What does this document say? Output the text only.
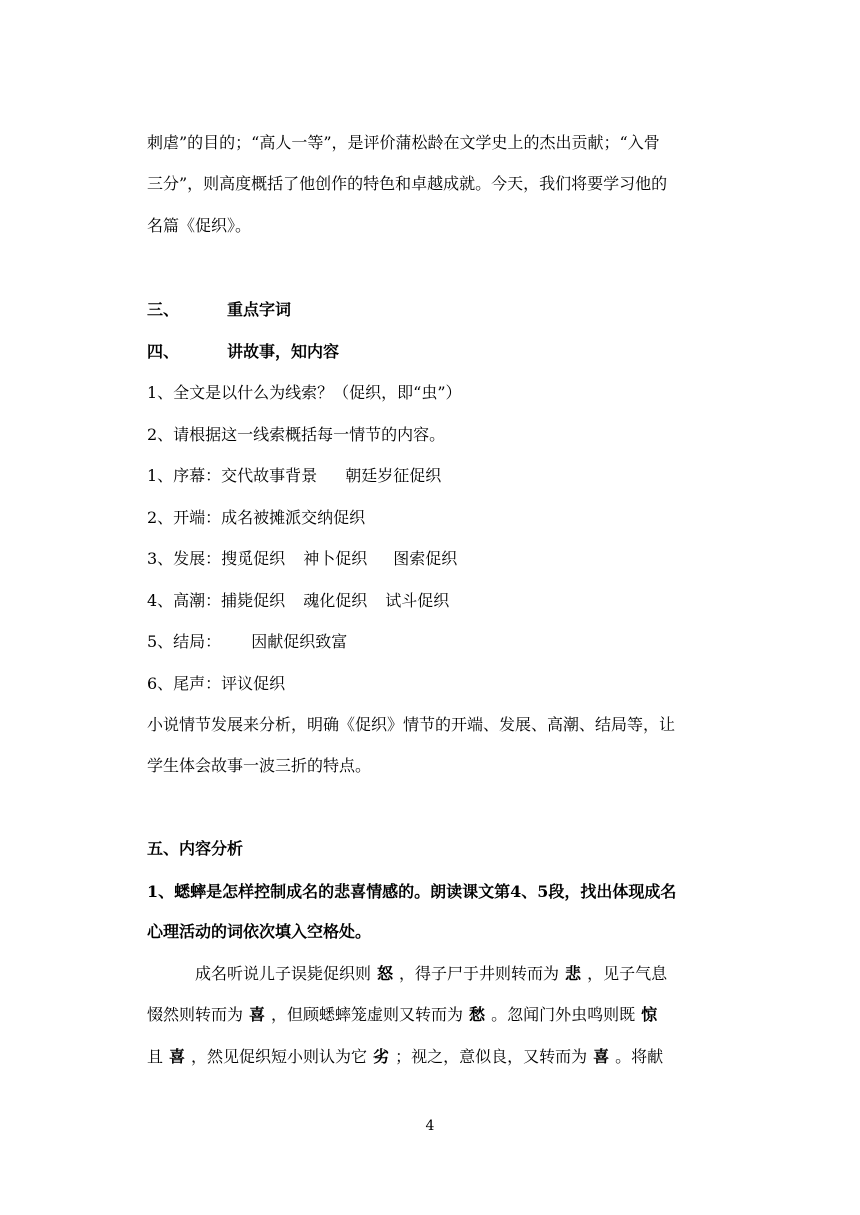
刺虐”的目的；“高人一等”，是评价蒲松龄在文学史上的杰出贡献；“入骨
三分”，则高度概括了他创作的特色和卓越成就。今天，我们将要学习他的
名篇《促织》。
三、	重点字词
四、	讲故事，知内容
1、全文是以什么为线索？（促织，即“虫”）
2、请根据这一线索概括每一情节的内容。
1、序幕：交代故事背景 朝廷岁征促织
2、开端：成名被摊派交纳促织
3、发展：搜觅促织 神卜促织 图索促织
4、高潮：捕毙促织 魂化促织 试斗促织
5、结局： 因献促织致富
6、尾声：评议促织
小说情节发展来分析，明确《促织》情节的开端、发展、高潮、结局等，让
学生体会故事一波三折的特点。
五、内容分析
1、蟋蟀是怎样控制成名的悲喜情感的。朗读课文第4、5段，找出体现成名
心理活动的词依次填入空格处。
成名听说儿子误毙促织则 怒 ，得子尸于井则转而为 悲 ，见子气息
惙然则转而为 喜 ，但顾蟋蟀笼虚则又转而为 愁 。忽闻门外虫鸣则既 惊
且 喜 ，然见促织短小则认为它 劣 ；视之，意似良，又转而为 喜 。将献
4
